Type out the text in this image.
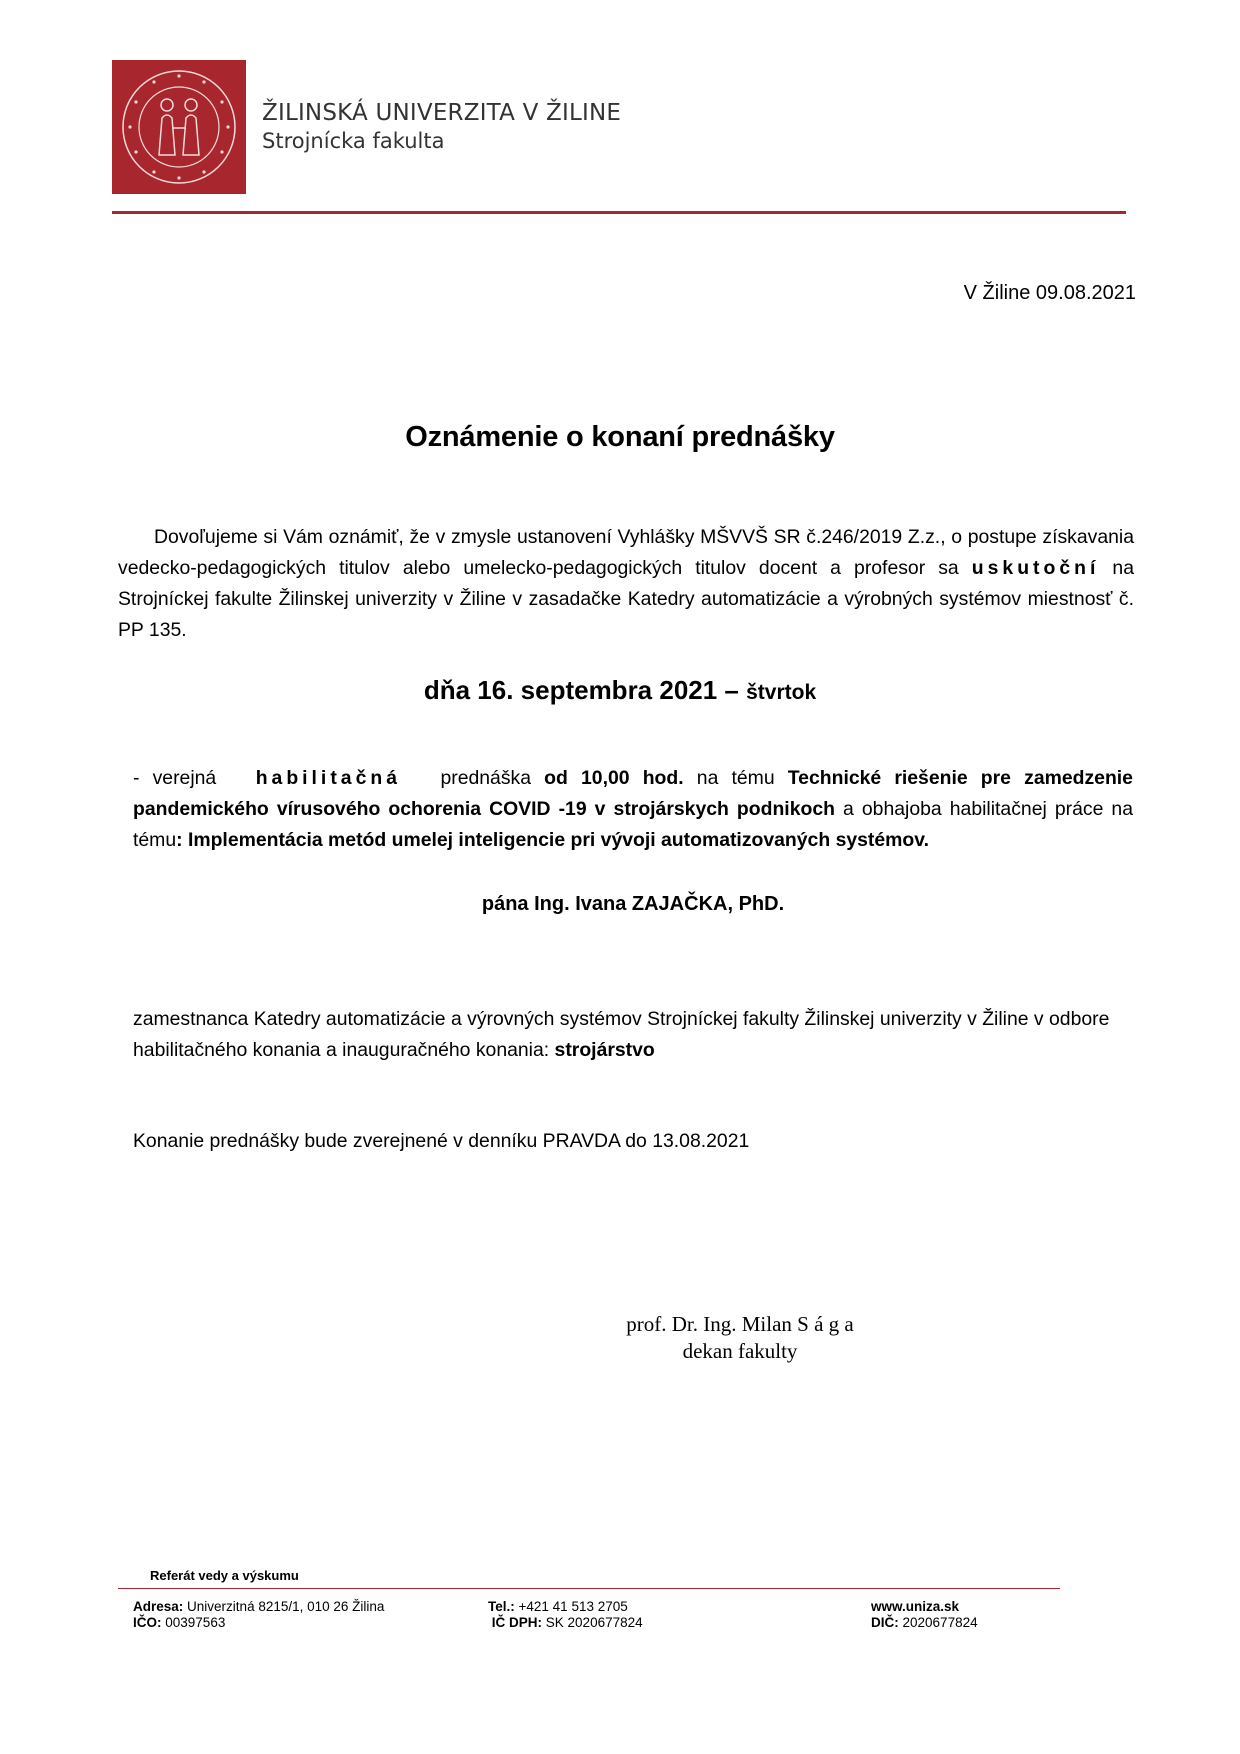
ŽILINSKÁ UNIVERZITA V ŽILINE
Strojnícka fakulta
V Žiline 09.08.2021
Oznámenie o konaní prednášky
Dovoľujeme si Vám oznámiť, že v zmysle ustanovení Vyhlášky MŠVVŠ SR č.246/2019 Z.z., o postupe získavania vedecko-pedagogických titulov alebo umelecko-pedagogických titulov docent a profesor sa uskutoční na Strojníckej fakulte Žilinskej univerzity v Žiline v zasadačke Katedry automatizácie a výrobných systémov miestnosť č. PP 135.
dňa 16. septembra 2021 – štvrtok
- verejná habilitačná prednáška od 10,00 hod. na tému Technické riešenie pre zamedzenie pandemického vírusového ochorenia COVID -19 v strojárskych podnikoch a obhajoba habilitačnej práce na tému: Implementácia metód umelej inteligencie pri vývoji automatizovaných systémov.
pána Ing. Ivana ZAJAČKA, PhD.
zamestnanca Katedry automatizácie a výrovných systémov Strojníckej fakulty Žilinskej univerzity v Žiline v odbore habilitačného konania a inauguračného konania: strojárstvo
Konanie prednášky bude zverejnené v denníku PRAVDA do 13.08.2021
prof. Dr. Ing. Milan S á g a
dekan fakulty
Referát vedy a výskumu
Adresa: Univerzitná 8215/1, 010 26 Žilina
IČO: 00397563
Tel.: +421 41 513 2705
IČ DPH: SK 2020677824
www.uniza.sk
DIČ: 2020677824
